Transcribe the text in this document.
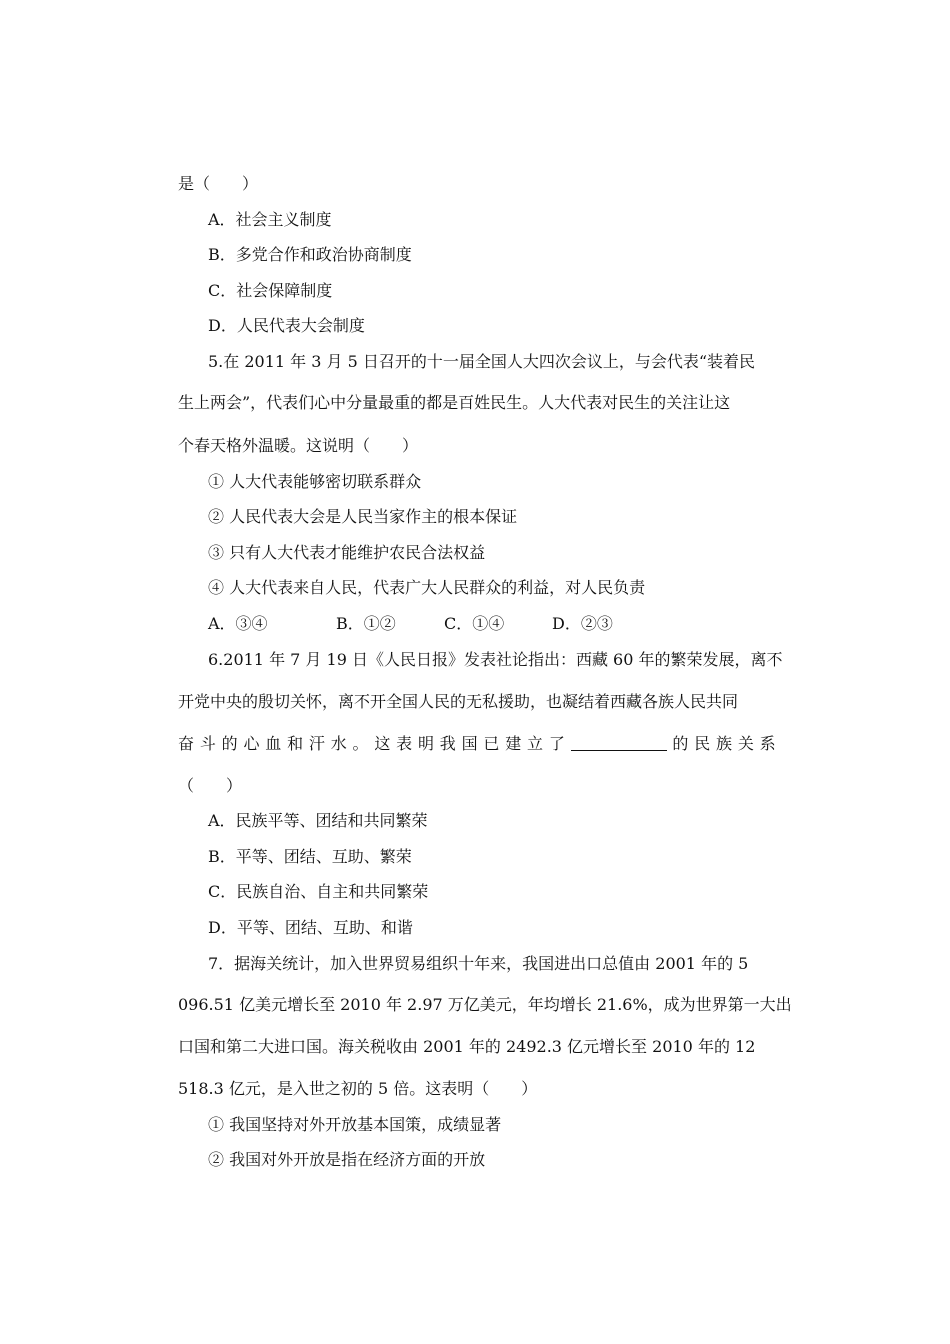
是（　　）
A．社会主义制度
B．多党合作和政治协商制度
C．社会保障制度
D．人民代表大会制度
5.在 2011 年 3 月 5 日召开的十一届全国人大四次会议上，与会代表“装着民
生上两会”，代表们心中分量最重的都是百姓民生。人大代表对民生的关注让这
个春天格外温暖。这说明（　　）
① 人大代表能够密切联系群众
② 人民代表大会是人民当家作主的根本保证
③ 只有人大代表才能维护农民合法权益
④ 人大代表来自人民，代表广大人民群众的利益，对人民负责
A．③④	B．①②	C．①④	D．②③
6.2011 年 7 月 19 日《人民日报》发表社论指出：西藏 60 年的繁荣发展，离不
开党中央的殷切关怀，离不开全国人民的无私援助，也凝结着西藏各族人民共同
奋 斗 的 心 血 和 汗 水 。 这 表 明 我 国 已 建 立 了	的 民 族 关 系
（　　）
A．民族平等、团结和共同繁荣
B．平等、团结、互助、繁荣
C．民族自治、自主和共同繁荣
D．平等、团结、互助、和谐
7．据海关统计，加入世界贸易组织十年来，我国进出口总值由 2001 年的 5
096.51 亿美元增长至 2010 年 2.97 万亿美元，年均增长 21.6%，成为世界第一大出
口国和第二大进口国。海关税收由 2001 年的 2492.3 亿元增长至 2010 年的 12
518.3 亿元，是入世之初的 5 倍。这表明（　　）
① 我国坚持对外开放基本国策，成绩显著
② 我国对外开放是指在经济方面的开放
